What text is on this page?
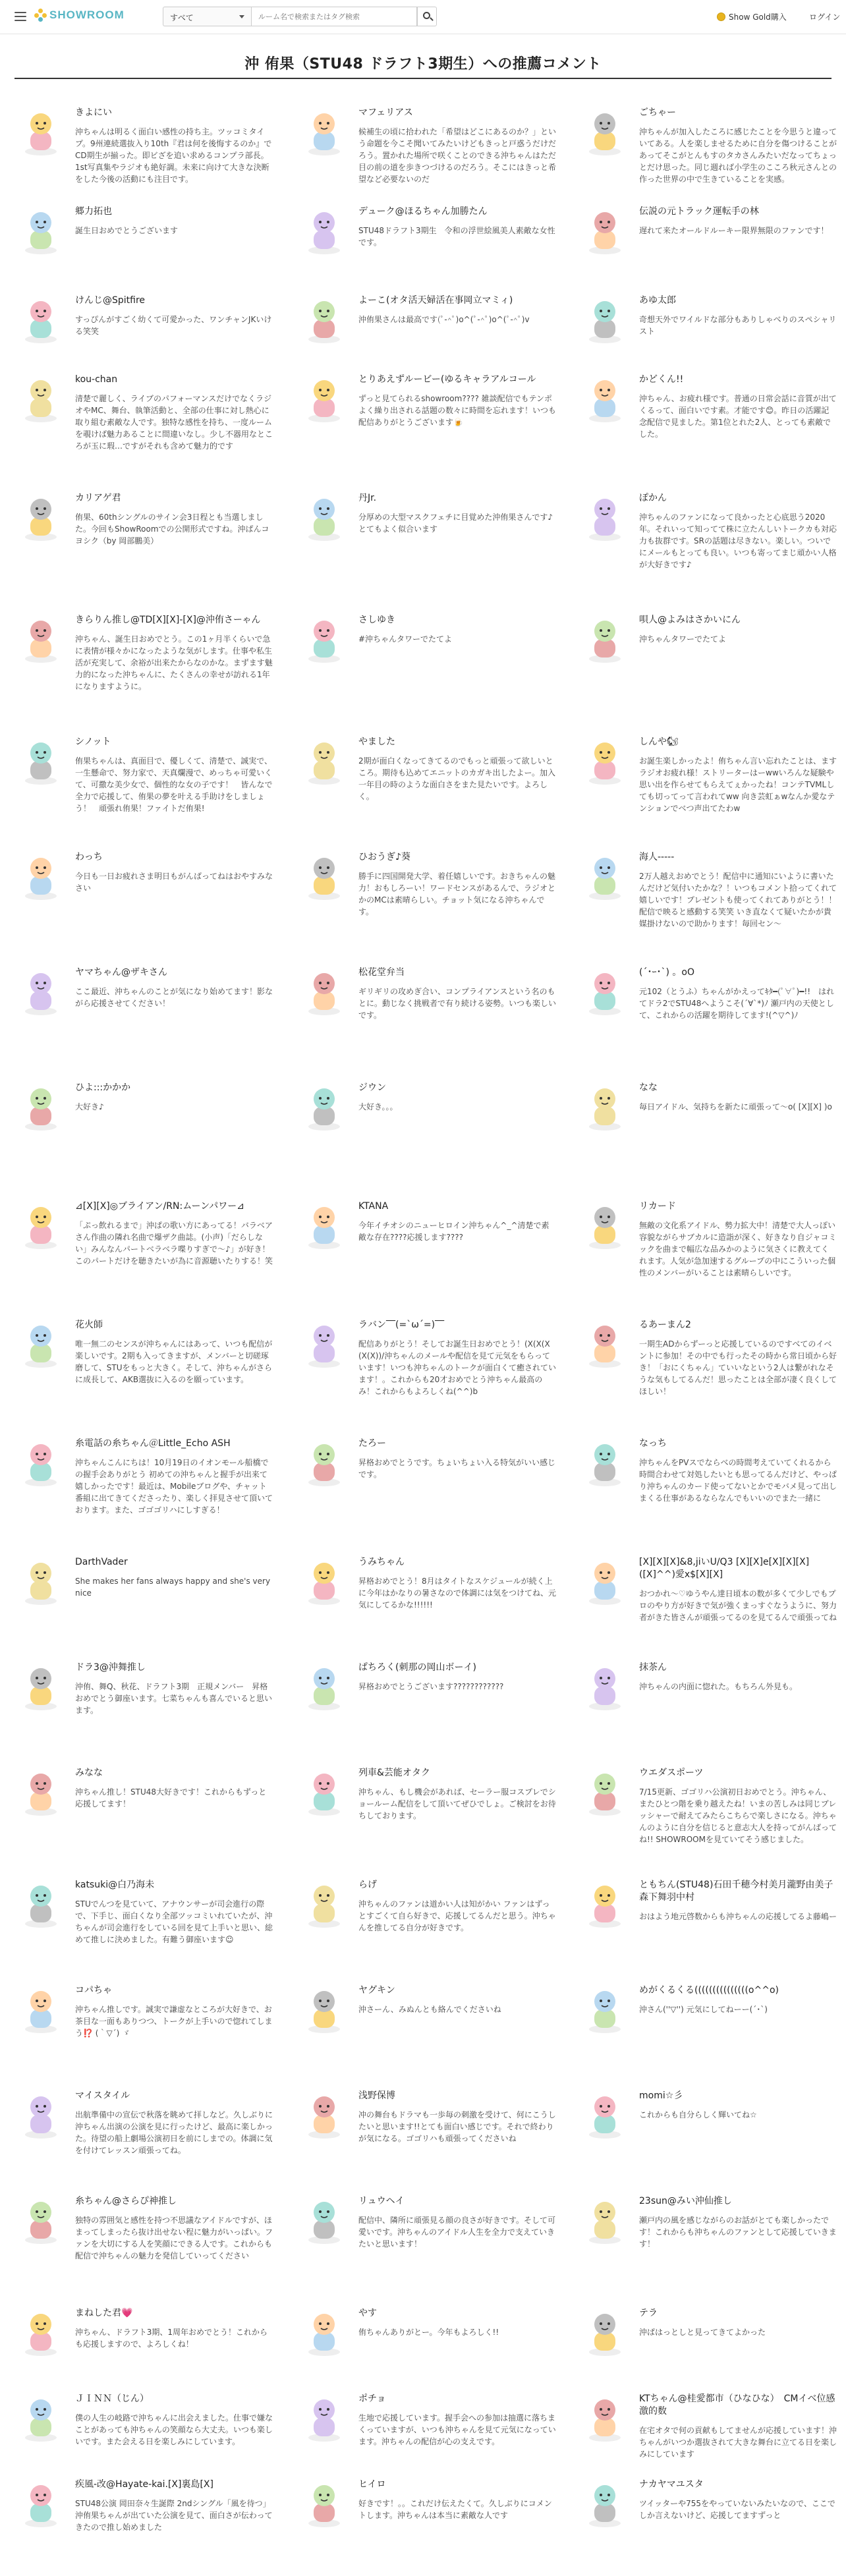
SHOWROOM	すべて
ルーム名で検索またはタグ検索	Show Gold購入	ログイン
沖 侑果（STU48 ドラフト3期生）への推薦コメント
きよにい
沖ちゃんは明るく面白い感性の持ち主。ツッコミタイプ。9州連続選抜入り10th『君は何を後悔するのか』でCD期生が揃った。即ビざを追い求めるコンプラ部長。1st写真集やラジオも絶好調。未来に向けて大きな決断をした今後の活動にも注目です。
マフェリアス
候補生の頃に拾われた「希望はどこにあるのか？」という命題を今こそ聞いてみたいけどもきっと戸惑うだけだろう。置かれた場所で咲くことのできる沖ちゃんはただ目の前の道を歩きつづけるのだろう。そこにはきっと希望など必要ないのだ
ごちゃー
沖ちゃんが加入したころに感じたことを今思うと違っていてある。人を楽しませるために自分を傷つけることがあってそこがとんもすのタカさんみたいだなってちょっとだけ思った。同じ週れば小学生のこころ秋元さんとの作った世界の中で生きていることを実感。
郷力拓也
誕生日おめでとうございます
デューク@ほるちゃん加勝たん
STU48ドラフト3期生　令和の浮世絵風美人素敵な女性です。
伝説の元トラック運転手の林
遅れて来たオールドルーキー限界無限のファンです！
けんじ@Spitfire
すっぴんがすごく幼くて可愛かった、ワンチャンJKいける笑笑
よーこ(オタ活天婦活在事岡立マミィ)
沖侑果さんは最高です(ﾟ-^ﾟ)o^(ﾟ-^ﾟ)o^(ﾟ-^ﾟ)v
あゆ太郎
奇想天外でワイルドな部分もありしゃべりのスペシャリスト
kou-chan
清楚で麗しく、ライブのパフォーマンスだけでなくラジオやMC、舞台、執筆活動と、全部の仕事に対し熱心に取り組む素敵な人です。独特な感性を持ち、一度ルームを覗けば魅力あることに間違いなし。少し不器用なところが玉に瑕…ですがそれも含めて魅力的です
とりあえずルービー(ゆるキャラアルコール
ずっと見てられるshowroom???? 雑談配信でもテンポよく繰り出される話題の数々に時間を忘れます！いつも配信ありがとうございます🍺
かどくん!!
沖ちゃん、お疲れ様です。普通の日常会話に音質が出てくるって、面白いです素。才能です😊。昨日の活躍記念配信で見ました。第1位とれた2人、とっても素敵でした。
カリアゲ君
侑果、60thシングルのサイン会3日程とも当選しました。今回もShowRoomでの公開形式ですね。沖ぱんコヨシク（by 岡部鵬美）
丹Jr.
分厚めの大型マスクフェチに目覚めた沖侑果さんです♪とてもよく似合います
ぽかん
沖ちゃんのファンになって良かったと心底思う2020年。それいって知ってて株に立たんしいトークカも対応力も抜群です。SRの話題は尽きない。楽しい。ついでにメールもとっても良い。いつも寄ってまじ頑かい人格が大好きです♪
きらりん推し@TD[X][X]-[X]@沖侑さーゃん
沖ちゃん、誕生日おめでとう。この1ヶ月半くらいで急に表情が様々かになったような気がします。仕事や私生活が充実して、余裕が出来たからなのかな。まずます魅力的になった沖ちゃんに、たくさんの幸せが訪れる1年になりますように。
さしゆき
#沖ちゃんタワーでたてよ
唄人@よみはさかいにん
沖ちゃんタワーでたてよ
シノット
侑果ちゃんは、真面目で、優しくて、清楚で、誠実で、一生懸命で、努力家で、天真爛漫で、めっちゃ可愛いくて、可撒な美少女で、個性的な女の子です！　皆んなで全力で応援して、侑果の夢を叶える手助けをしましょう！　頑張れ侑果！ファイトだ侑果!
やました
2期が面白くなってきてるのでもっと頑張って欲しいところ。期待も込めてエニットのカガキ出したよー。加入一年目の時のような面白さをまた見たいです。よろしく。
しんや🐿
お誕生楽しかったよ！侑ちゃん言い忘れたことは、ますラジオお疲れ様！ストリーターはーwwいろんな疑験や思い出を作らせてもらえてぇかったね！コンテTVMLしても切ってって言われてww 向き芸虹ぁwなんか愛なテンションでベつ声出てたわw
わっち
今日も一日お疲れさま明日もがんばってねはおやすみなさい
ひおうぎ♪葵
勝手に四国開発大学、着任嬉しいです。おきちゃんの魅力！おもしろーい！ワードセンスがあるんで、ラジオとかのMCは素晴らしい。チョット気になる沖ちゃんです。
海人-----
2万人越えおめでとう！配信中に通知にいように書いたんだけど気付いたかな？！いつもコメント拾ってくれて嬉しいです！プレゼントも使ってくれてありがとう！！配信で映ると感動する笑笑 いき直なくて疑いたかが貴媒掛けないので助かります！毎回セン〜
ヤマちゃん@ザキさん
ここ最近、沖ちゃんのことが気になり始めてます！影ながら応援させてください！
松花堂弁当
ギリギリの攻めぎ合い、コンプライアンスという名のもとに。動じなく挑戦者で有り続ける姿勢。いつも楽しいです。
(´･ｰ･`) 。oO
元102（とうふ）ちゃんがかえってｷﾀ━(ﾟ∀ﾟ)━!!　はれてドラ2でSTU48へようこそ(´∀`*)ﾉ 瀬戸内の天使として、これからの活躍を期待してます!(^▽^)ﾉ
ひよ:::かかか
大好き♪
ジウン
大好き。。。
なな
毎日アイドル、気持ちを新たに頑張って〜o( [X][X] )o
⊿[X][X]◎ブライアン/RN:ムーンパワー⊿
「ぷっ飲れるまで」沖ぱの歌い方にあってる！バラベアさん作曲の隣れ名曲で爆ザク曲誌。(小声)「だらしない」みんなんパートベラベラ喋りすぎで〜♪」が好き！このパートだけを聴きたいが為に音源聴いたりする！笑
KTANA
今年イチオシのニューヒロイン沖ちゃん^_^清楚で素敵な存在????応援します????
リカード
無敵の文化系アイドル、勢力拡大中！清楚で大人っぽい容貌ながらサブカルに造詣が深く、好きなり自ジャコミックを曲まで幅広な品みかのように気さくに教えてくれます。人気が急加速するグループの中にこういった個性のメンバーがいることは素晴らしいです。
花火師
唯一無二のセンスが沖ちゃんにはあって、いつも配信が楽しいです。2期も入ってきますが、メンバーと切磋琢磨して、STUをもっと大きく。そして、沖ちゃんがさらに成長して、AKB選抜に入るのを願っています。
ラバン‾‾(=`ω´=)‾‾
配信ありがとう！そしてお誕生日おめでとう！(X(X(X(X(X))/沖ちゃんのメールや配信を見て元気をもらっています！いつも沖ちゃんのトークが面白くて癒されています！。これからも20才おめでとう沖ちゃん最高のみ！これからもよろしくね(^^)b
るあーまん2
一期生ADからずーっと応援しているのですべてのイベントに参加！その中でも行ったその時から常日頃から好き！「おにくちゃん」ていいなという2人は繋がれなそうな気もしてるんだ！思ったことは全部が凄く良くしてほしい！
糸電話の糸ちゃん＠Little_Echo ASH
沖ちゃんこんにちは！10月19日のイオンモール船橋での握手会ありがとう 初めての沖ちゃんと握手が出来て嬉しかったです！最近は、Mobileブログや、チャット番組に出てきてくださったり、楽しく拝見させて頂いております。また、ゴゴゴリハにしすぎる！
たろー
昇格おめでとうです。ちょいちょい入る特気がいい感じです。
なっち
沖ちゃんをPVスでならべの時間考えていてくれるから時間合わせて対処したいとも思ってるんだけど、やっぱり沖ちゃんのカード使ってないとかでモバメ見って出しまくる仕事があるならなんでもいいのでまた一緒に
DarthVader
She makes her fans always happy and she's very nice
うみちゃん
昇格おめでとう！8月はタイトなスケジュールが続く上に今年はかなりの暑さなので体調には気をつけてね、元気にしてるかな!!!!!!
[X][X][X]&8,jiいU/Q3 [X][X]e[X][X][X]([X]^^)愛x$[X][X]
おつかれ〜♡ゆうやん達日頃本の数が多くて少しでもプロのやり方が好きで気が強くまっすぐなうように、努力者がきた皆さんが頑張ってるのを見てるんで頑張ってね
ドラ3@沖舞推し
沖侑、舞Q、秋花、ドラフト3期　正規メンバー　昇格おめでとう御座います。七菜ちゃんも喜んでいると思います。
ぱちろく(刺那の岡山ボーイ)
昇格おめでとうございます????????????
抹茶ん
沖ちゃんの内面に惚れた。もちろん外見も。
みなな
沖ちゃん推し！STU48大好きです！これからもずっと応援してます！
列車&芸能オタク
沖ちゃん、もし機会があれば、セーラー服コスプレでショールーム配信をして頂いてぜひでしょ。ご検討をお待ちしております。
ウエダスポーツ
7/15更新、ゴゴリハ公演初日おめでとう。沖ちゃん、またひとつ階を乗り越えたね！いまの苦しみは同じプレッシャーで耐えてみたらこちらで楽しさになる。沖ちゃんのように自分を信じると意志大人を持ってがんばってね!! SHOWROOMを見ていてそう感じました。
katsuki@白乃海未
STUでんつを見ていて、アナウンサーが司会進行の際で、下手じ、面白くなり全部ツッコミいれていたが、沖ちゃんが司会進行をしている回を見て上手いと思い、総めて推しに決めました。有難う御座います☺
らげ
沖ちゃんのファンは道かい人は知がかい ファンはずっとすごくて自ら好きで、応援してるんだと思う。沖ちゃんを推してる自分が好きです。
ともちん(STU48)石田千穂今村美月瀧野由美子森下舞羽中村
おはよう地元啓数からも沖ちゃんの応援してるよ藤嶋ー
コパちゃ
沖ちゃん推しです。誠実で謙虚なところが大好きで、お茶目な一面もありつつ、トークが上手いので惚れてしまう⁉️ (｀▽´) ゞ
ヤグキン
沖さーん、みぬんとも絡んでくださいね
めがくるくる(((((((((((((((o^^o)
沖さん(''▽'') 元気にしてねーー(´･`)
マイスタイル
出航準備中の宣伝で秋落を眺めて拝しなど。久しぶりに沖ちゃん出演の公演を見に行ったけど、最高に楽しかった。待望の船上劇場公演初日を前にしまでの。体調に気を付けてレッスン頑張ってね。
浅野保博
冲の舞台もドラマも一歩毎の刺激を受けて、何にこうしたいと思います!!とても面白い感じです。それで終わりが気になる。ゴゴリハも頑張ってくださいね
momi☆彡
これからも自分らしく輝いてね☆
糸ちゃん@さらぴ神推し
独特の雰囲気と感性を持つ不思議なアイドルですが、ほまってしまったら抜け出せない程に魅力がいっぱい。ファンを大切にする人を笑顔にできる人です。これからも配信で沖ちゃんの魅力を発信していってください
リュウヘイ
配信中、隣所に頑張見る顔の良さが好きです。そして可愛いです。沖ちゃんのアイドル人生を全力で支えていきたいと思います！
23sun@みい沖仙推し
瀬戸内の風を感じながらのお話がとても楽しかったです！これからも沖ちゃんのファンとして応援していきます！
まねした君💗
沖ちゃん、ドラフト3期、1周年おめでとう！これからも応援しますので、よろしくね！
やす
侑ちゃんありがとー。今年もよろしく!!
テラ
沖ぱはっとしと見ってきてよかった
ＪＩＮＮ（じん）
僕の人生の岐路で沖ちゃんに出会えました。仕事で嫌なことがあっても沖ちゃんの笑顔なら大丈夫。いつも楽しいです。また会える日を楽しみにしています。
ポチョ
生地で応援しています。握手会への参加は抽選に落ちまくっていますが、いつも沖ちゃんを見て元気になっています。沖ちゃんの配信が心の支えです。
KTちゃん@桂愛都市（ひなひな）　CMイベ位感激的数
在宅オタで何の貢献もしてませんが応援しています！沖ちゃんがいつか選抜されて大きな舞台に立てる日を楽しみにしています
疾風-改@Hayate-kai.[X]裏島[X]
STU48公演 岡田奈々生誕際 2ndシングル「風を待つ」沖侑果ちゃんが出ていた公演を見て、面白さが伝わってきたので推し始めました
ヒイロ
好きです！。。これだけ伝えたくて。久しぶりにコメントします。沖ちゃんは本当に素敵な人です
ナカヤマユスタ
ツイッターや755をやっていないみたいなので、ここでしか言えないけど、応援してますずっと
